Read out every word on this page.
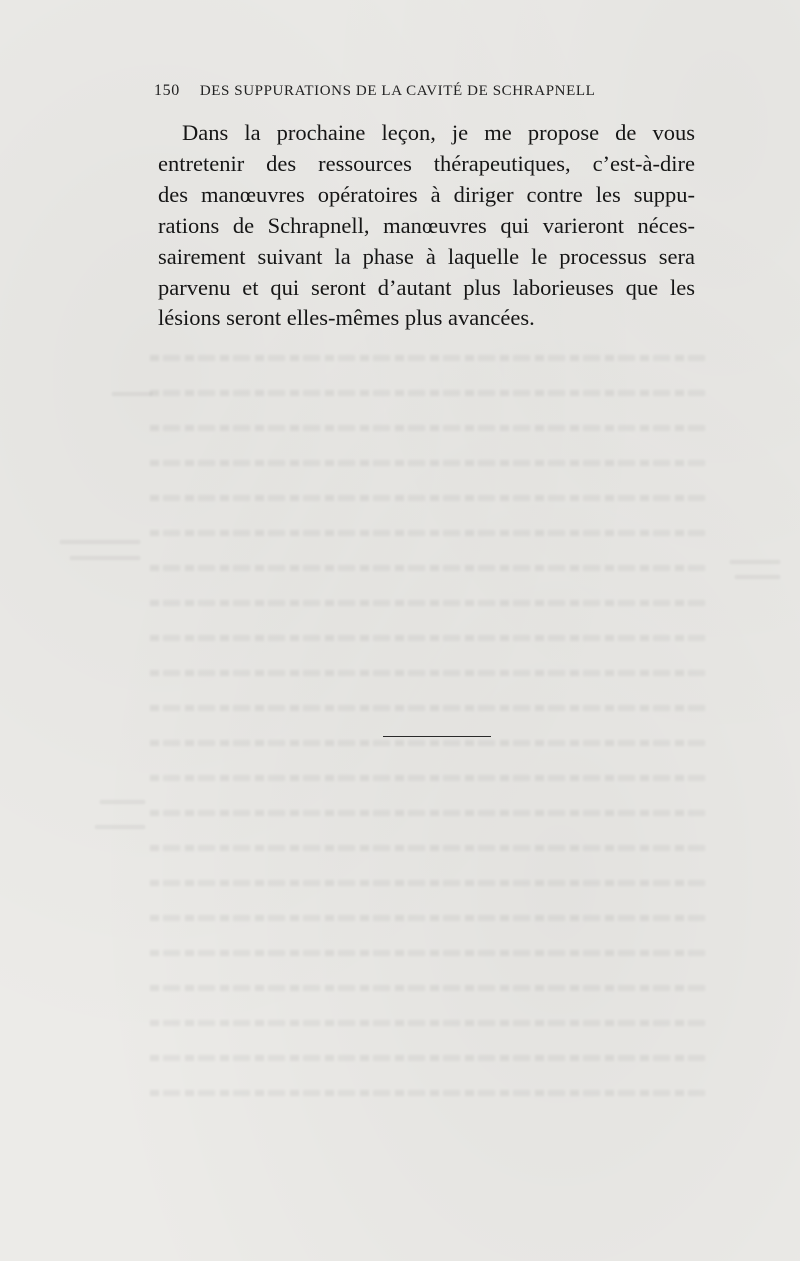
150 DES SUPPURATIONS DE LA CAVITÉ DE SCHRAPNELL
Dans la prochaine leçon, je me propose de vous
entretenir des ressources thérapeutiques, c’est-à-dire
des manœuvres opératoires à diriger contre les suppu-
rations de Schrapnell, manœuvres qui varieront néces-
sairement suivant la phase à laquelle le processus sera
parvenu et qui seront d’autant plus laborieuses que les
lésions seront elles-mêmes plus avancées.
